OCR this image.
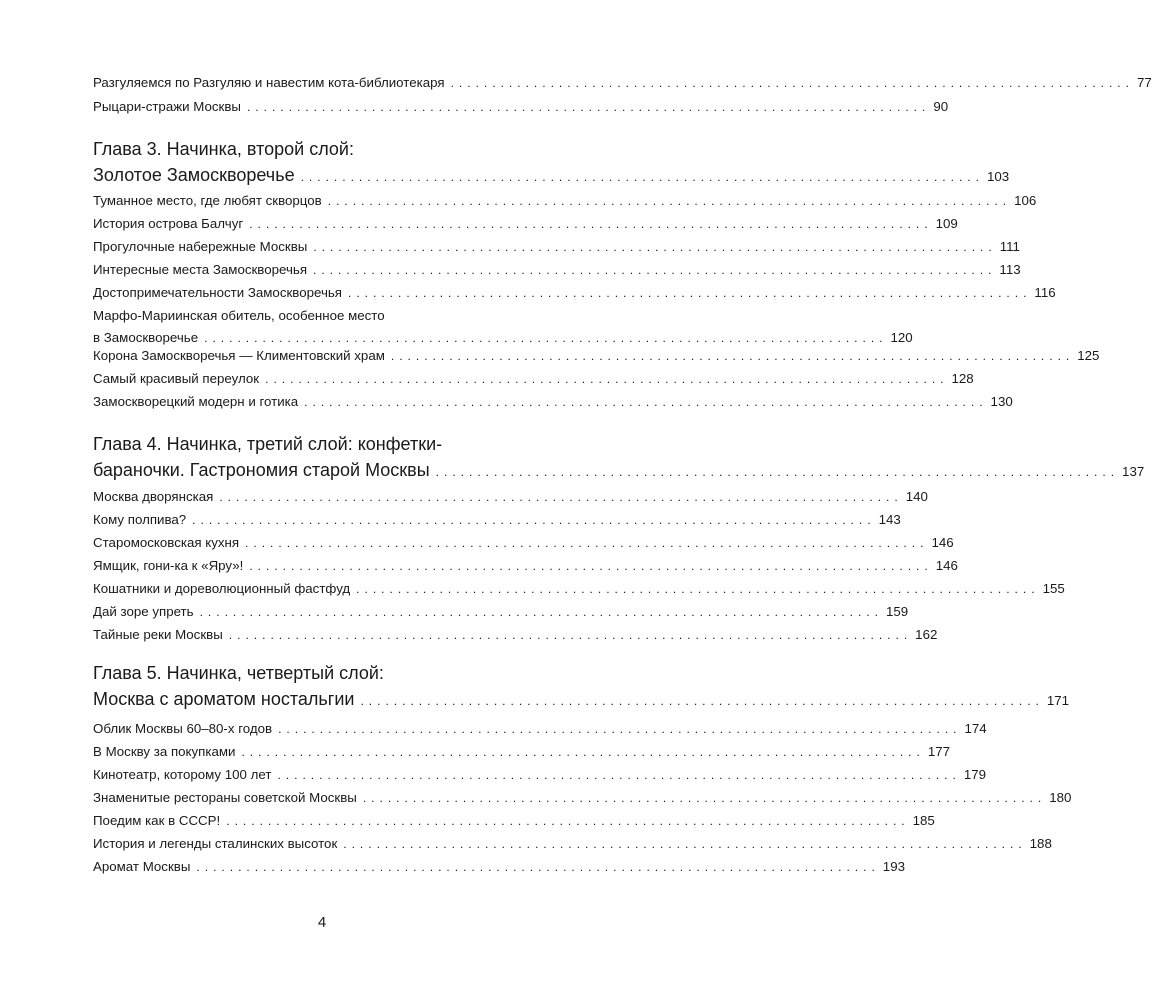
Разгуляемся по Разгуляю и навестим кота-библиотекаря .................................................................................. 77
Рыцари-стражи Москвы .................................................................................. 90
Глава 3. Начинка, второй слой:
Золотое Замоскворечье .................................................................................. 103
Туманное место, где любят скворцов .................................................................................. 106
История острова Балчуг .................................................................................. 109
Прогулочные набережные Москвы .................................................................................. 111
Интересные места Замоскворечья .................................................................................. 113
Достопримечательности Замоскворечья .................................................................................. 116
Марфо-Мариинская обитель, особенное место
в Замоскворечье .................................................................................. 120
Корона Замоскворечья — Климентовский храм .................................................................................. 125
Самый красивый переулок .................................................................................. 128
Замоскворецкий модерн и готика .................................................................................. 130
Глава 4. Начинка, третий слой: конфетки-
бараночки. Гастрономия старой Москвы .................................................................................. 137
Москва дворянская .................................................................................. 140
Кому полпива? .................................................................................. 143
Старомосковская кухня .................................................................................. 146
Ямщик, гони-ка к «Яру»! .................................................................................. 146
Кошатники и дореволюционный фастфуд .................................................................................. 155
Дай зоре упреть .................................................................................. 159
Тайные реки Москвы .................................................................................. 162
Глава 5. Начинка, четвертый слой:
Москва с ароматом ностальгии .................................................................................. 171
Облик Москвы 60–80-х годов .................................................................................. 174
В Москву за покупками .................................................................................. 177
Кинотеатр, которому 100 лет .................................................................................. 179
Знаменитые рестораны советской Москвы .................................................................................. 180
Поедим как в СССР! .................................................................................. 185
История и легенды сталинских высоток .................................................................................. 188
Аромат Москвы .................................................................................. 193
4
